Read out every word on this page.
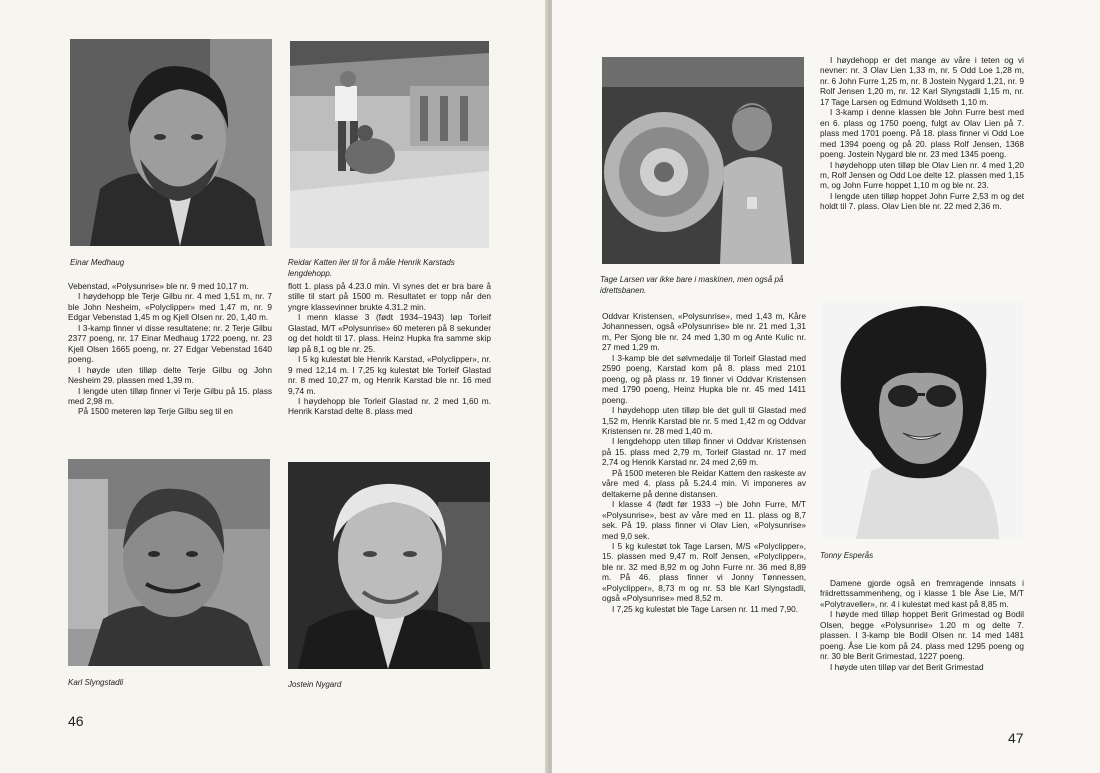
Einar Medhaug	Reidar Katten iler til for å måle Henrik Karstads lengdehopp.

Vebenstad, «Polysunrise» ble nr. 9 med 10,17 m.

I høydehopp ble Terje Gilbu nr. 4 med 1,51 m, nr. 7 ble John Nesheim, «Polyclipper» med 1,47 m, nr. 9 Edgar Vebenstad 1,45 m og Kjell Olsen nr. 20, 1,40 m.

I 3-kamp finner vi disse resultatene: nr. 2 Terje Gilbu 2377 poeng, nr. 17 Einar Medhaug 1722 poeng, nr. 23 Kjell Olsen 1665 poeng, nr. 27 Edgar Vebenstad 1640 poeng.

I høyde uten tilløp delte Terje Gilbu og John Nesheim 29. plassen med 1,39 m.

I lengde uten tilløp finner vi Terje Gilbu på 15. plass med 2,98 m.

På 1500 meteren løp Terje Gilbu seg til en

flott 1. plass på 4.23.0 min. Vi synes det er bra bare å stille til start på 1500 m. Resultatet er topp når den yngre klassevinner brukte 4.31.2 min.

I menn klasse 3 (født 1934–1943) løp Torleif Glastad, M/T «Polysunrise» 60 meteren på 8 sekunder og det holdt til 17. plass. Heinz Hupka fra samme skip løp på 8,1 og ble nr. 25.

I 5 kg kulestøt ble Henrik Karstad, «Polyclipper», nr. 9 med 12,14 m. I 7,25 kg kulestøt ble Torleif Glastad nr. 8 med 10,27 m, og Henrik Karstad ble nr. 16 med 9,74 m.

I høydehopp ble Torleif Glastad nr. 2 med 1,60 m. Henrik Karstad delte 8. plass med

Karl Slyngstadli	Jostein Nygard
46
Tage Larsen var ikke bare i maskinen, men også på idrettsbanen.

Oddvar Kristensen, «Polysunrise», med 1,43 m, Kåre Johannessen, også «Polysunrise» ble nr. 21 med 1,31 m, Per Sjong ble nr. 24 med 1,30 m og Ante Kulic nr. 27 med 1,29 m.

I 3-kamp ble det sølvmedalje til Torleif Glastad med 2590 poeng, Karstad kom på 8. plass med 2101 poeng, og på plass nr. 19 finner vi Oddvar Kristensen med 1790 poeng, Heinz Hupka ble nr. 45 med 1411 poeng.

I høydehopp uten tilløp ble det gull til Glastad med 1,52 m, Henrik Karstad ble nr. 5 med 1,42 m og Oddvar Kristensen nr. 28 med 1,40 m.

I lengdehopp uten tilløp finner vi Oddvar Kristensen på 15. plass med 2,79 m, Torleif Glastad nr. 17 med 2,74 og Henrik Karstad nr. 24 med 2,69 m.

På 1500 meteren ble Reidar Kattem den raskeste av våre med 4. plass på 5.24.4 min. Vi imponeres av deltakerne på denne distansen.

I klasse 4 (født før 1933 –) ble John Furre, M/T «Polysunrise», best av våre med en 11. plass og 8,7 sek. På 19. plass finner vi Olav Lien, «Polysunrise» med 9,0 sek.

I 5 kg kulestøt tok Tage Larsen, M/S «Polyclipper», 15. plassen med 9,47 m. Rolf Jensen, «Polyclipper», ble nr. 32 med 8,92 m og John Furre nr. 36 med 8,89 m. På 46. plass finner vi Jonny Tønnessen, «Polyclipper», 8,73 m og nr. 53 ble Karl Slyngstadli, også «Polysunrise» med 8,52 m.

I 7,25 kg kulestøt ble Tage Larsen nr. 11 med 7,90.

I høydehopp er det mange av våre i teten og vi nevner: nr. 3 Olav Lien 1,33 m, nr. 5 Odd Loe 1,28 m, nr. 6 John Furre 1,25 m, nr. 8 Jostein Nygard 1,21, nr. 9 Rolf Jensen 1,20 m, nr. 12 Karl Slyngstadli 1,15 m, nr. 17 Tage Larsen og Edmund Woldseth 1,10 m.

I 3-kamp i denne klassen ble John Furre best med en 6. plass og 1750 poeng, fulgt av Olav Lien på 7. plass med 1701 poeng. På 18. plass finner vi Odd Loe med 1394 poeng og på 20. plass Rolf Jensen, 1368 poeng. Jostein Nygard ble nr. 23 med 1345 poeng.

I høydehopp uten tilløp ble Olav Lien nr. 4 med 1,20 m, Rolf Jensen og Odd Loe delte 12. plassen med 1,15 m, og John Furre hoppet 1,10 m og ble nr. 23.

I lengde uten tilløp hoppet John Furre 2,53 m og det holdt til 7. plass. Olav Lien ble nr. 22 med 2,36 m.

Tonny Esperås

Damene gjorde også en fremragende innsats i friidrettssammenheng, og i klasse 1 ble Åse Lie, M/T «Polytraveller», nr. 4 i kulestøt med kast på 8,85 m.

I høyde med tilløp hoppet Berit Grimestad og Bodil Olsen, begge «Polysunrise» 1.20 m og delte 7. plassen. I 3-kamp ble Bodil Olsen nr. 14 med 1481 poeng. Åse Lie kom på 24. plass med 1295 poeng og nr. 30 ble Berit Grimestad, 1227 poeng.

I høyde uten tilløp var det Berit Grimestad

47
